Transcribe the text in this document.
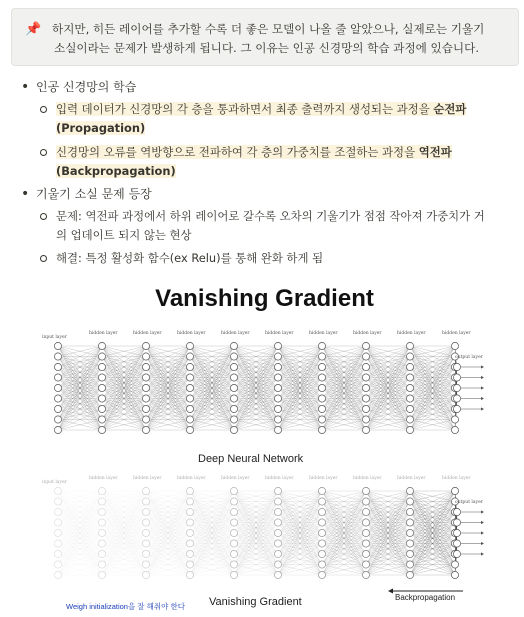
📌 하지만, 히든 레이어를 추가할 수록 더 좋은 모델이 나올 줄 알았으나, 실제로는 기울기
소실이라는 문제가 발생하게 됩니다. 그 이유는 인공 신경망의 학습 과정에 있습니다.
• 인공 신경망의 학습
입력 데이터가 신경망의 각 층을 통과하면서 최종 출력까지 생성되는 과정을 순전파
(Propagation)
신경망의 오류를 역방향으로 전파하여 각 층의 가중치를 조절하는 과정을 역전파
(Backpropagation)
• 기울기 소실 문제 등장
문제: 역전파 과정에서 하위 레이어로 갈수록 오차의 기울기가 점점 작아져 가중치가 거
의 업데이트 되지 않는 현상
해결: 특정 활성화 함수(ex Relu)를 통해 완화 하게 됨
Vanishing Gradient
input layer
hidden layer	hidden layer	hidden layer	hidden layer	hidden layer	hidden layer	hidden layer	hidden layer	hidden layer
output layer
input layer
hidden layer	hidden layer	hidden layer	hidden layer	hidden layer	hidden layer	hidden layer	hidden layer	hidden layer
output layer
Deep Neural Network
Vanishing Gradient	Backpropagation
Weigh initialization을 잘 해줘야 한다
